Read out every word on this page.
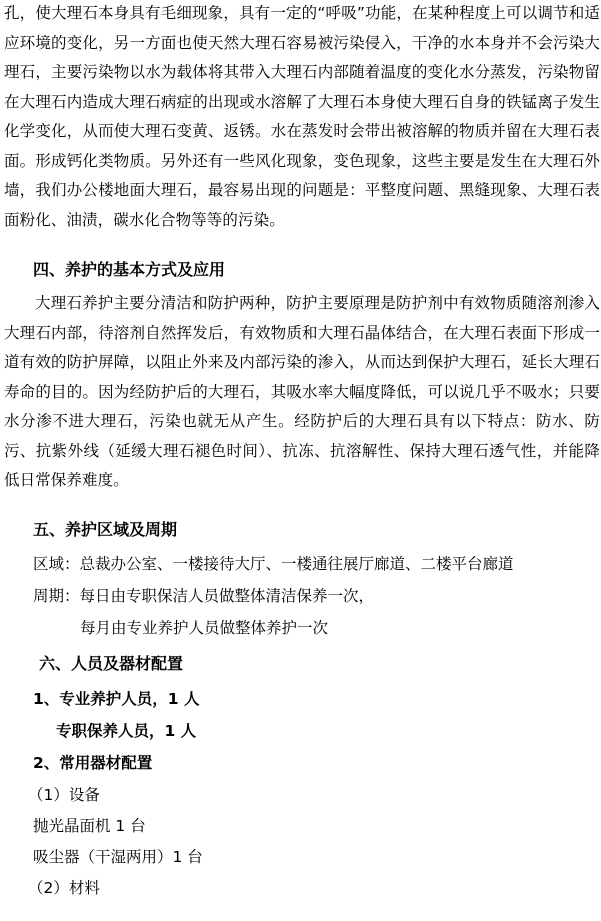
孔，使大理石本身具有毛细现象，具有一定的“呼吸”功能，在某种程度上可以调节和适应环境的变化，另一方面也使天然大理石容易被污染侵入，干净的水本身并不会污染大理石，主要污染物以水为载体将其带入大理石内部随着温度的变化水分蒸发，污染物留在大理石内造成大理石病症的出现或水溶解了大理石本身使大理石自身的铁锰离子发生化学变化，从而使大理石变黄、返锈。水在蒸发时会带出被溶解的物质并留在大理石表面。形成钙化类物质。另外还有一些风化现象，变色现象，这些主要是发生在大理石外墙，我们办公楼地面大理石，最容易出现的问题是：平整度问题、黑缝现象、大理石表面粉化、油渍，碳水化合物等等的污染。

四、养护的基本方式及应用

大理石养护主要分清洁和防护两种，防护主要原理是防护剂中有效物质随溶剂渗入大理石内部，待溶剂自然挥发后，有效物质和大理石晶体结合，在大理石表面下形成一道有效的防护屏障，以阻止外来及内部污染的渗入，从而达到保护大理石，延长大理石寿命的目的。因为经防护后的大理石，其吸水率大幅度降低，可以说几乎不吸水；只要水分渗不进大理石，污染也就无从产生。经防护后的大理石具有以下特点：防水、防污、抗紫外线（延缓大理石褪色时间）、抗冻、抗溶解性、保持大理石透气性，并能降低日常保养难度。

五、养护区域及周期

区域：总裁办公室、一楼接待大厅、一楼通往展厅廊道、二楼平台廊道

周期：每日由专职保洁人员做整体清洁保养一次，

每月由专业养护人员做整体养护一次

六、人员及器材配置

1、专业养护人员，1 人

专职保养人员，1 人

2、常用器材配置

（1）设备

抛光晶面机 1 台

吸尘器（干湿两用）1 台

（2）材料
